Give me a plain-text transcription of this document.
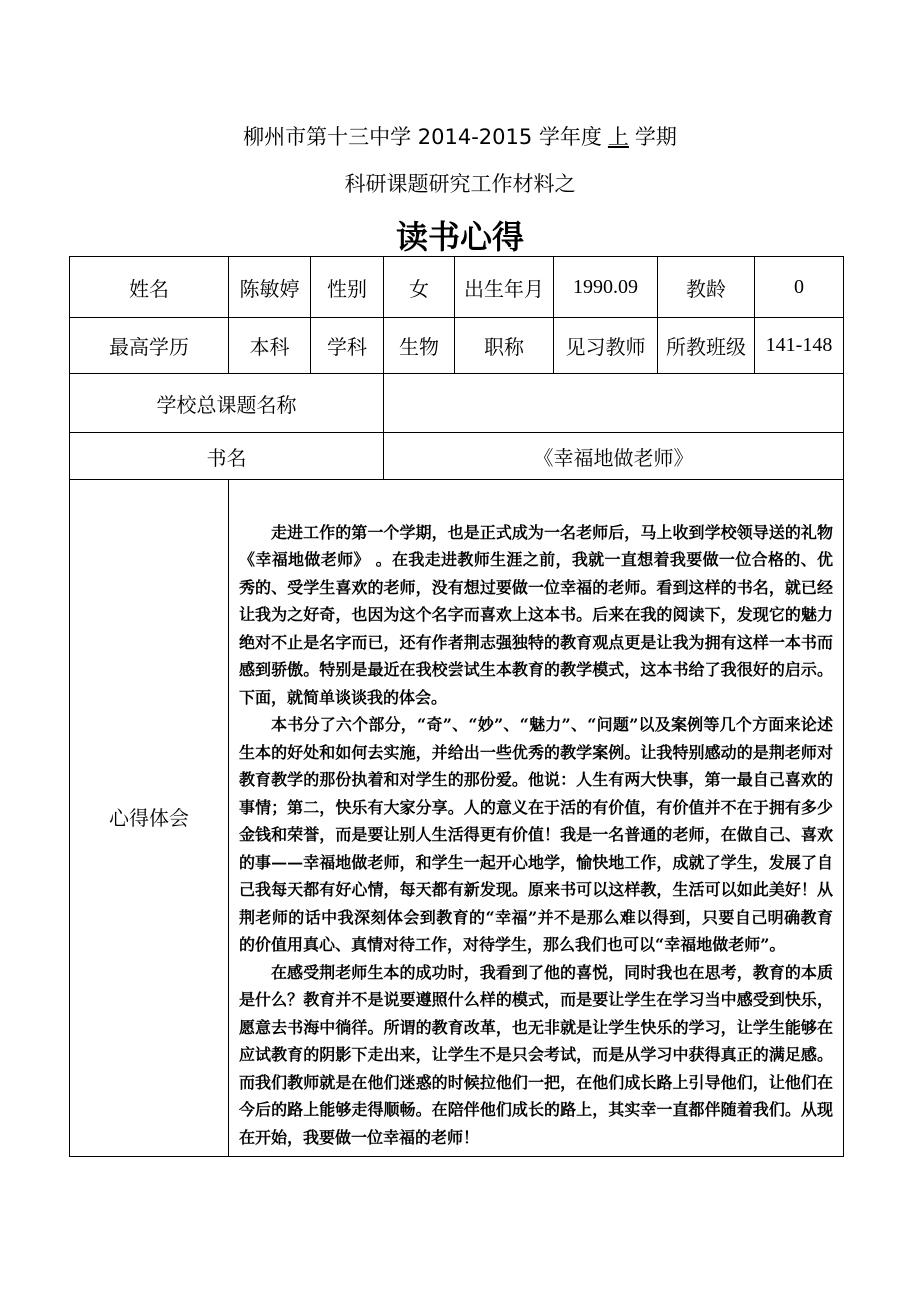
柳州市第十三中学 2014-2015 学年度 上 学期
科研课题研究工作材料之
读书心得
姓名	陈敏婷	性别	女	出生年月	1990.09	教龄	0
最高学历	本科	学科	生物	职称	见习教师	所教班级	141-148
学校总课题名称							
书名			《幸福地做老师》				

心得体会	走进工作的第一个学期，也是正式成为一名老师后，马上收到学校领导送的礼物《幸福地做老师》 。在我走进教师生涯之前，我就一直想着我要做一位合格的、优秀的、受学生喜欢的老师，没有想过要做一位幸福的老师。看到这样的书名，就已经让我为之好奇，也因为这个名字而喜欢上这本书。后来在我的阅读下，发现它的魅力绝对不止是名字而已，还有作者荆志强独特的教育观点更是让我为拥有这样一本书而感到骄傲。特别是最近在我校尝试生本教育的教学模式，这本书给了我很好的启示。下面，就简单谈谈我的体会。

本书分了六个部分，“奇”、“妙”、“魅力”、“问题”以及案例等几个方面来论述生本的好处和如何去实施，并给出一些优秀的教学案例。让我特别感动的是荆老师对教育教学的那份执着和对学生的那份爱。他说：人生有两大快事，第一最自己喜欢的事情；第二，快乐有大家分享。人的意义在于活的有价值，有价值并不在于拥有多少金钱和荣誉，而是要让别人生活得更有价值！我是一名普通的老师，在做自己、喜欢的事——幸福地做老师，和学生一起开心地学，愉快地工作，成就了学生，发展了自己我每天都有好心情，每天都有新发现。原来书可以这样教，生活可以如此美好！从荆老师的话中我深刻体会到教育的“幸福”并不是那么难以得到，只要自己明确教育的价值用真心、真情对待工作，对待学生，那么我们也可以“幸福地做老师”。

在感受荆老师生本的成功时，我看到了他的喜悦，同时我也在思考，教育的本质是什么？教育并不是说要遵照什么样的模式，而是要让学生在学习当中感受到快乐，愿意去书海中徜徉。所谓的教育改革，也无非就是让学生快乐的学习，让学生能够在应试教育的阴影下走出来，让学生不是只会考试，而是从学习中获得真正的满足感。而我们教师就是在他们迷惑的时候拉他们一把，在他们成长路上引导他们，让他们在今后的路上能够走得顺畅。在陪伴他们成长的路上，其实幸一直都伴随着我们。从现在开始，我要做一位幸福的老师！						
